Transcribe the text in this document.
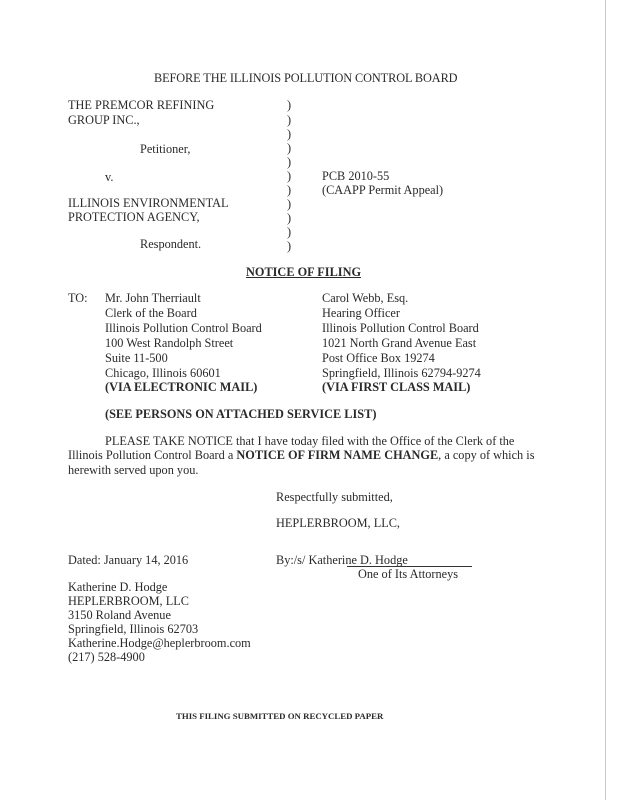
BEFORE THE ILLINOIS POLLUTION CONTROL BOARD
THE PREMCOR REFINING
GROUP INC.,
Petitioner,
v.
ILLINOIS ENVIRONMENTAL
PROTECTION AGENCY,
Respondent.
)
)
)
)
)
)
)
)
)
)
)
PCB 2010-55
(CAAPP Permit Appeal)
NOTICE OF FILING
TO: Mr. John Therriault
Clerk of the Board
Illinois Pollution Control Board
100 West Randolph Street
Suite 11-500
Chicago, Illinois 60601
(VIA ELECTRONIC MAIL)
Carol Webb, Esq.
Hearing Officer
Illinois Pollution Control Board
1021 North Grand Avenue East
Post Office Box 19274
Springfield, Illinois 62794-9274
(VIA FIRST CLASS MAIL)
(SEE PERSONS ON ATTACHED SERVICE LIST)
PLEASE TAKE NOTICE that I have today filed with the Office of the Clerk of the
Illinois Pollution Control Board a NOTICE OF FIRM NAME CHANGE, a copy of which is
herewith served upon you.
Respectfully submitted,
HEPLERBROOM, LLC,
Dated: January 14, 2016	By:/s/ Katherine D. Hodge
One of Its Attorneys
Katherine D. Hodge
HEPLERBROOM, LLC
3150 Roland Avenue
Springfield, Illinois 62703
Katherine.Hodge@heplerbroom.com
(217) 528-4900
THIS FILING SUBMITTED ON RECYCLED PAPER
